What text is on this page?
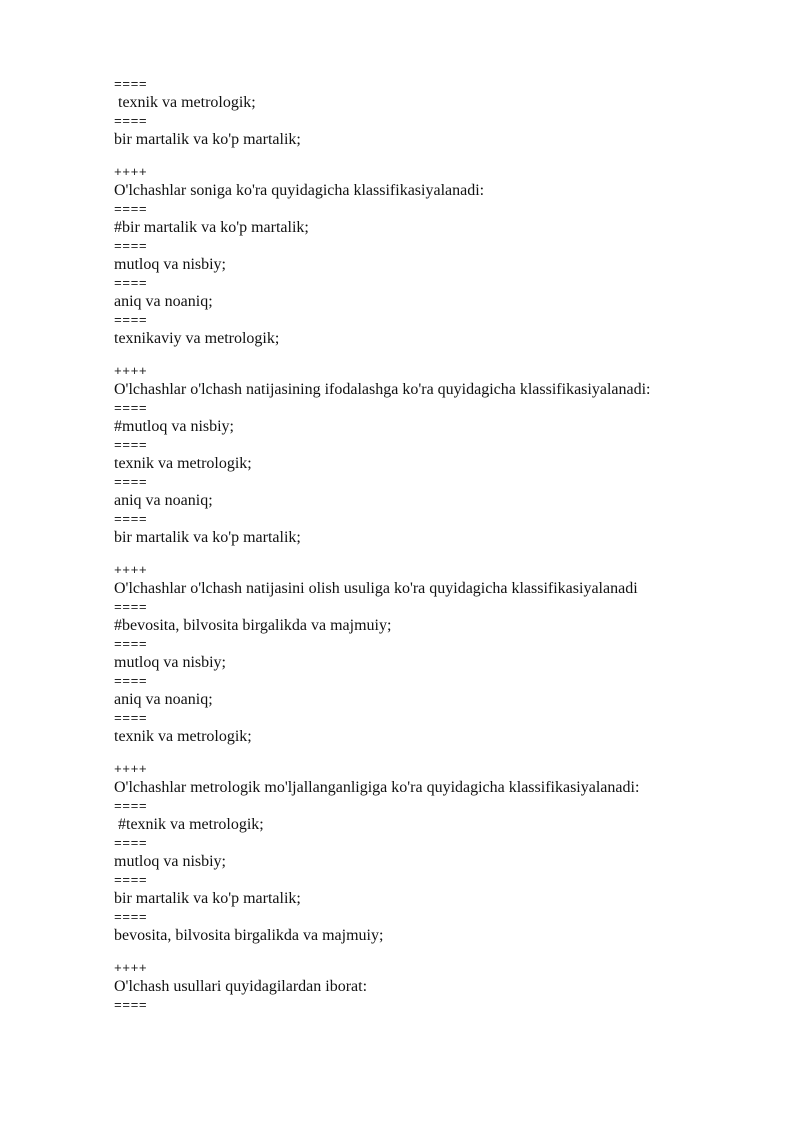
====
texnik va metrologik;
====
bir martalik va ko'p martalik;
++++
O'lchashlar soniga ko'ra quyidagicha klassifikasiyalanadi:
====
#bir martalik va ko'p martalik;
====
mutloq va nisbiy;
====
aniq va noaniq;
====
texnikaviy va metrologik;
++++
O'lchashlar o'lchash natijasining ifodalashga ko'ra quyidagicha klassifikasiyalanadi:
====
#mutloq va nisbiy;
====
texnik va metrologik;
====
aniq va noaniq;
====
bir martalik va ko'p martalik;
++++
O'lchashlar o'lchash natijasini olish usuliga ko'ra quyidagicha klassifikasiyalanadi
====
#bevosita, bilvosita birgalikda va majmuiy;
====
mutloq va nisbiy;
====
aniq va noaniq;
====
texnik va metrologik;
++++
O'lchashlar metrologik mo'ljallanganligiga ko'ra quyidagicha klassifikasiyalanadi:
====
#texnik va metrologik;
====
mutloq va nisbiy;
====
bir martalik va ko'p martalik;
====
bevosita, bilvosita birgalikda va majmuiy;
++++
O'lchash usullari quyidagilardan iborat:
====
